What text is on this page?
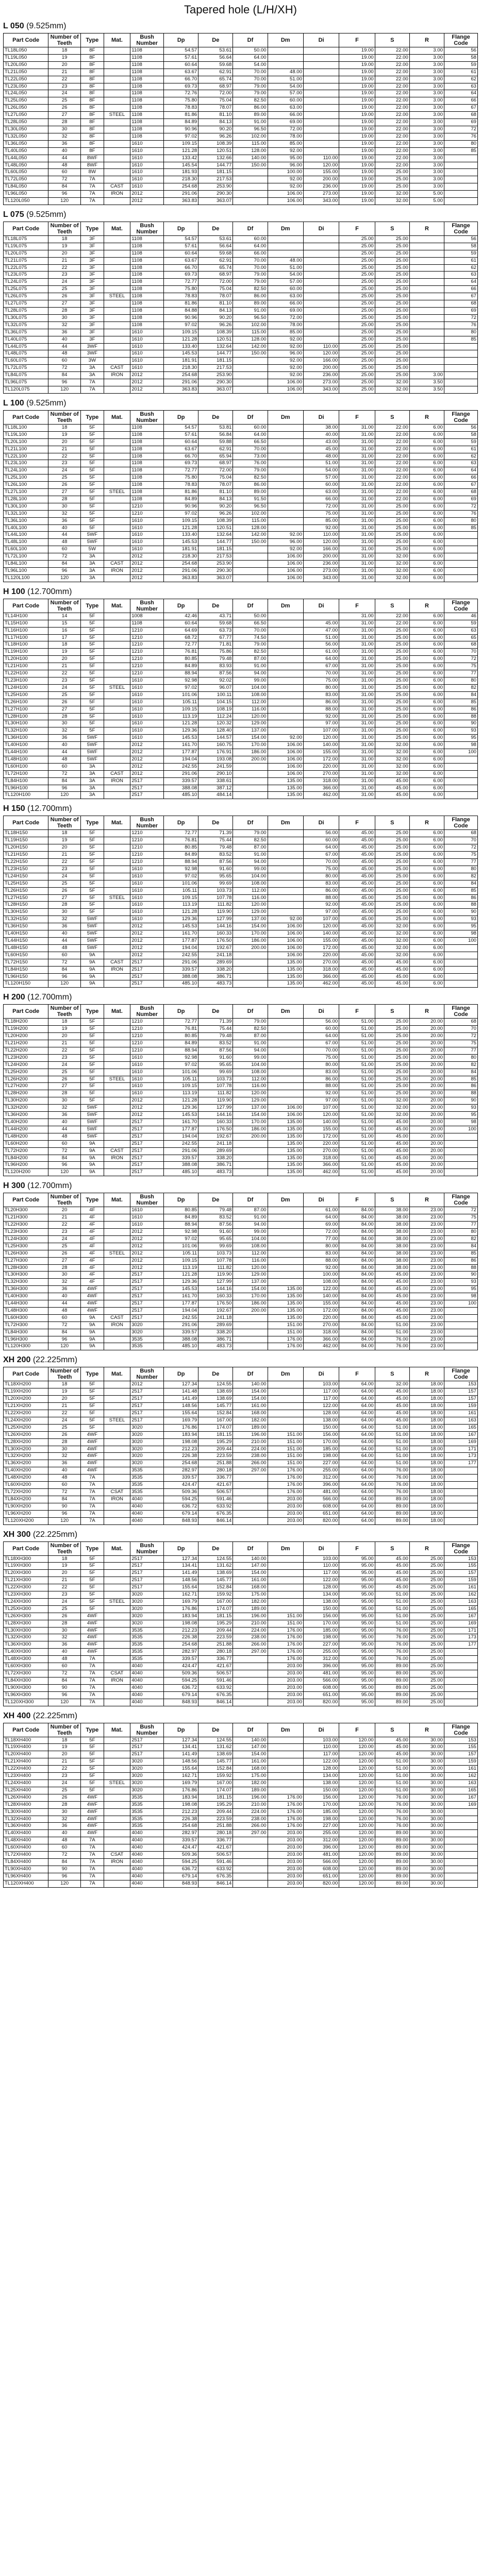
Tapered hole (L/H/XH)
L 050 (9.525mm)
Part Code	Number of Teeth	Type	Mat.	Bush Number	Dp	De	Df	Dm	Di	F	S	R	Flange Code
TL18L050	18	8F		1108	54.57	53.61	50.00			19.00	22.00	3.00	56
TL19L050	19	8F		1108	57.61	56.64	64.00			19.00	22.00	3.00	58
TL20L050	20	8F		1108	60.64	59.68	54.00			19.00	22.00	3.00	59
TL21L050	21	8F		1108	63.67	62.91	70.00	48.00		19.00	22.00	3.00	61
TL22L050	22	8F		1108	66.70	65.74	70.00	51.00		19.00	22.00	3.00	62
TL23L050	23	8F		1108	69.73	68.97	79.00	54.00		19.00	22.00	3.00	63
TL24L050	24	8F		1108	72.76	72.00	79.00	57.00		19.00	22.00	3.00	64
TL25L050	25	8F		1108	75.80	75.04	82.50	60.00		19.00	22.00	3.00	66
TL26L050	26	8F		1108	78.83	78.07	86.00	63.00		19.00	22.00	3.00	67
TL27L050	27	8F	STEEL	1108	81.86	81.10	89.00	66.00		19.00	22.00	3.00	68
TL28L050	28	8F		1108	84.89	84.13	91.00	69.00		19.00	22.00	3.00	69
TL30L050	30	8F		1108	90.96	90.20	96.50	72.00		19.00	22.00	3.00	72
TL32L050	32	8F		1108	97.02	96.26	102.00	78.00		19.00	22.00	3.00	76
TL36L050	36	8F		1610	109.15	108.39	115.00	85.00		19.00	22.00	3.00	80
TL40L050	40	8F		1610	121.28	120.51	128.00	92.00		19.00	22.00	3.00	85
TL44L050	44	8WF		1610	133.42	132.66	140.00	95.00	110.00	19.00	22.00	3.00	
TL48L050	48	8WF		1610	145.54	144.77	150.00	96.00	120.00	19.00	22.00	3.00	
TL60L050	60	8W		1610	181.93	181.15		100.00	155.00	19.00	25.00	3.00	
TL72L050	72	7A		1610	218.30	217.53		92.00	200.00	19.00	25.00	3.00	
TL84L050	84	7A	CAST	1610	254.68	253.90		92.00	236.00	19.00	25.00	3.00	
TL96L050	96	7A	IRON	2012	291.06	290.30		106.00	273.00	19.00	32.00	5.00	
TL120L050	120	7A		2012	363.83	363.07		106.00	343.00	19.00	32.00	5.00	
L 075 (9.525mm)
Part Code	Number of Teeth	Type	Mat.	Bush Number	Dp	De	Df	Dm	Di	F	S	R	Flange Code
TL18L075	18	3F		1108	54.57	53.61	60.00			25.00	25.00		56
TL19L075	19	3F		1108	57.61	56.64	64.00			25.00	25.00		58
TL20L075	20	3F		1108	60.64	59.68	66.00			25.00	25.00		59
TL21L075	21	3F		1108	63.67	62.91	70.00	48.00		25.00	25.00		61
TL22L075	22	3F		1108	66.70	65.74	70.00	51.00		25.00	25.00		62
TL23L075	23	3F		1108	69.73	68.97	79.00	54.00		25.00	25.00		63
TL24L075	24	3F		1108	72.77	72.00	79.00	57.00		25.00	25.00		64
TL25L075	25	3F		1108	75.80	75.04	82.50	60.00		25.00	25.00		66
TL26L075	26	3F	STEEL	1108	78.83	78.07	86.00	63.00		25.00	25.00		67
TL27L075	27	3F		1108	81.86	81.10	89.00	66.00		25.00	25.00		68
TL28L075	28	3F		1108	84.88	84.13	91.00	69.00		25.00	25.00		69
TL30L075	30	3F		1108	90.96	90.20	96.50	72.00		25.00	25.00		72
TL32L075	32	3F		1108	97.02	96.26	102.00	78.00		25.00	25.00		76
TL36L075	36	3F		1610	109.15	108.39	115.00	85.00		25.00	25.00		80
TL40L075	40	3F		1610	121.28	120.51	128.00	92.00		25.00	25.00		85
TL44L075	44	3WF		1610	133.40	132.64	142.00	92.00	110.00	25.00	25.00		
TL48L075	48	3WF		1610	145.53	144.77	150.00	96.00	120.00	25.00	25.00		
TL60L075	60	3W		1610	181.91	181.15		92.00	166.00	25.00	25.00		
TL72L075	72	3A	CAST	1610	218.30	217.53		92.00	200.00	25.00	25.00		
TL84L075	84	3A	IRON	2012	254.68	253.90		92.00	236.00	25.00	25.00	3.00	
TL96L075	96	7A		2012	291.06	290.30		106.00	273.00	25.00	32.00	3.50	
TL120L075	120	7A		2012	363.83	363.07		106.00	343.00	25.00	32.00	3.50	
L 100 (9.525mm)
Part Code	Number of Teeth	Type	Mat.	Bush Number	Dp	De	Df	Dm	Di	F	S	R	Flange Code
TL18L100	18	5F		1108	54.57	53.81	60.00		38.00	31.00	22.00	6.00	56
TL19L100	19	5F		1108	57.61	56.84	64.00		40.00	31.00	22.00	6.00	58
TL20L100	20	5F		1108	60.64	59.88	66.50		43.00	31.00	22.00	6.00	59
TL21L100	21	5F		1108	63.67	62.91	70.00		45.00	31.00	22.00	6.00	61
TL22L100	22	5F		1108	66.70	65.94	73.00		48.00	31.00	22.00	6.00	62
TL23L100	23	5F		1108	69.73	68.97	76.00		51.00	31.00	22.00	6.00	63
TL24L100	24	5F		1108	72.77	72.00	79.00		54.00	31.00	22.00	6.00	64
TL25L100	25	5F		1108	75.80	75.04	82.50		57.00	31.00	22.00	6.00	66
TL26L100	26	5F		1108	78.83	78.07	86.00		60.00	31.00	22.00	6.00	67
TL27L100	27	5F	STEEL	1108	81.86	81.10	89.00		63.00	31.00	22.00	6.00	68
TL28L100	28	5F		1108	84.89	84.13	91.50		66.00	31.00	22.00	6.00	69
TL30L100	30	5F		1210	90.96	90.20	96.50		72.00	31.00	25.00	6.00	72
TL32L100	32	5F		1210	97.02	96.26	102.00		75.00	31.00	25.00	6.00	76
TL36L100	36	5F		1610	109.15	108.39	115.00		85.00	31.00	25.00	6.00	80
TL40L100	40	5F		1610	121.28	120.51	128.00		92.00	31.00	25.00	6.00	85
TL44L100	44	5WF		1610	133.40	132.64	142.00	92.00	110.00	31.00	25.00	6.00	
TL48L100	48	5WF		1610	145.53	144.77	150.00	96.00	120.00	31.00	25.00	6.00	
TL60L100	60	5W		1610	181.91	181.15		92.00	166.00	31.00	25.00	6.00	
TL72L100	72	3A		2012	218.30	217.53		106.00	200.00	31.00	32.00	6.00	
TL84L100	84	3A	CAST	2012	254.68	253.90		106.00	236.00	31.00	32.00	6.00	
TL96L100	96	3A	IRON	2012	291.06	290.30		106.00	273.00	31.00	32.00	6.00	
TL120L100	120	3A		2012	363.83	363.07		106.00	343.00	31.00	32.00	6.00	
H 100 (12.700mm)
Part Code	Number of Teeth	Type	Mat.	Bush Number	Dp	De	Df	Dm	Di	F	S	R	Flange Code
TL14H100	14	5F		1008	42.46	43.71	50.00			31.00	22.00	6.00	46
TL15H100	15	5F		1108	60.64	59.68	66.50		45.00	31.00	22.00	6.00	59
TL16H100	16	5F		1210	64.69	63.73	70.00		47.00	31.00	25.00	6.00	63
TL17H100	17	5F		1210	68.72	67.77	74.50		51.00	31.00	25.00	6.00	65
TL18H100	18	5F		1210	72.77	71.81	79.00		56.00	31.00	25.00	6.00	68
TL19H100	19	5F		1210	76.81	75.86	82.50		61.00	31.00	25.00	6.00	70
TL20H100	20	5F		1210	80.85	79.48	87.00		64.00	31.00	25.00	6.00	72
TL21H100	21	5F		1210	84.89	83.93	91.00		67.00	31.00	25.00	6.00	75
TL22H100	22	5F		1210	88.94	87.56	94.00		70.00	31.00	25.00	6.00	77
TL23H100	23	5F		1610	92.98	92.02	99.00		75.00	31.00	25.00	6.00	80
TL24H100	24	5F	STEEL	1610	97.02	96.07	104.00		80.00	31.00	25.00	6.00	82
TL25H100	25	5F		1610	101.06	100.11	108.00		83.00	31.00	25.00	6.00	84
TL26H100	26	5F		1610	105.11	104.15	112.00		86.00	31.00	25.00	6.00	85
TL27H100	27	5F		1610	109.15	108.19	116.00		88.00	31.00	25.00	6.00	86
TL28H100	28	5F		1610	113.19	112.24	120.00		92.00	31.00	25.00	6.00	88
TL30H100	30	5F		1610	121.28	120.32	129.00		97.00	31.00	25.00	6.00	90
TL32H100	32	5F		1610	129.36	128.40	137.00		107.00	31.00	25.00	6.00	93
TL36H100	36	5WF		1610	145.53	144.57	154.00	92.00	120.00	31.00	25.00	6.00	95
TL40H100	40	5WF		2012	161.70	160.75	170.00	106.00	140.00	31.00	32.00	6.00	98
TL44H100	44	5WF		2012	177.87	176.91	186.00	106.00	155.00	31.00	32.00	6.00	100
TL48H100	48	5WF		2012	194.04	193.08	200.00	106.00	172.00	31.00	32.00	6.00	
TL60H100	60	3A		2012	242.55	241.59		106.00	220.00	31.00	32.00	6.00	
TL72H100	72	3A	CAST	2012	291.06	290.10		106.00	270.00	31.00	32.00	6.00	
TL84H100	84	3A	IRON	2517	339.57	338.61		135.00	318.00	31.00	45.00	6.00	
TL96H100	96	3A		2517	388.08	387.12		135.00	366.00	31.00	45.00	6.00	
TL120H100	120	3A		2517	485.10	484.14		135.00	462.00	31.00	45.00	6.00	
H 150 (12.700mm)
Part Code	Number of Teeth	Type	Mat.	Bush Number	Dp	De	Df	Dm	Di	F	S	R	Flange Code
TL18H150	18	5F		1210	72.77	71.39	79.00		56.00	45.00	25.00	6.00	68
TL19H150	19	5F		1210	76.81	75.44	82.50		60.00	45.00	25.00	6.00	70
TL20H150	20	5F		1210	80.85	79.48	87.00		64.00	45.00	25.00	6.00	72
TL21H150	21	5F		1210	84.89	83.52	91.00		67.00	45.00	25.00	6.00	75
TL22H150	22	5F		1210	88.94	87.56	94.00		70.00	45.00	25.00	6.00	77
TL23H150	23	5F		1610	92.98	91.60	99.00		75.00	45.00	25.00	6.00	80
TL24H150	24	5F		1610	97.02	95.65	104.00		80.00	45.00	25.00	6.00	82
TL25H150	25	5F		1610	101.06	99.69	108.00		83.00	45.00	25.00	6.00	84
TL26H150	26	5F		1610	105.11	103.73	112.00		86.00	45.00	25.00	6.00	85
TL27H150	27	5F	STEEL	1610	109.15	107.78	116.00		88.00	45.00	25.00	6.00	86
TL28H150	28	5F		1610	113.19	111.82	120.00		92.00	45.00	25.00	6.00	88
TL30H150	30	5F		1610	121.28	119.90	129.00		97.00	45.00	25.00	6.00	90
TL32H150	32	5WF		1610	129.36	127.99	137.00	92.00	107.00	45.00	25.00	6.00	93
TL36H150	36	5WF		2012	145.53	144.16	154.00	106.00	120.00	45.00	32.00	6.00	95
TL40H150	40	5WF		2012	161.70	160.33	170.00	106.00	140.00	45.00	32.00	6.00	98
TL44H150	44	5WF		2012	177.87	176.50	186.00	106.00	155.00	45.00	32.00	6.00	100
TL48H150	48	5WF		2012	194.04	192.67	200.00	106.00	172.00	45.00	32.00	6.00	
TL60H150	60	9A		2012	242.55	241.18		106.00	220.00	45.00	32.00	6.00	
TL72H150	72	9A	CAST	2517	291.06	289.69		135.00	270.00	45.00	45.00	6.00	
TL84H150	84	9A	IRON	2517	339.57	338.20		135.00	318.00	45.00	45.00	6.00	
TL96H150	96	9A		2517	388.08	386.71		135.00	366.00	45.00	45.00	6.00	
TL120H150	120	9A		2517	485.10	483.73		135.00	462.00	45.00	45.00	6.00	
H 200 (12.700mm)
Part Code	Number of Teeth	Type	Mat.	Bush Number	Dp	De	Df	Dm	Di	F	S	R	Flange Code
TL18H200	18	5F		1210	72.77	71.39	79.00		56.00	51.00	25.00	20.00	68
TL19H200	19	5F		1210	76.81	75.44	82.50		60.00	51.00	25.00	20.00	70
TL20H200	20	5F		1210	80.85	79.48	87.00		64.00	51.00	25.00	20.00	72
TL21H200	21	5F		1210	84.89	83.52	91.00		67.00	51.00	25.00	20.00	75
TL22H200	22	5F		1210	88.94	87.56	94.00		70.00	51.00	25.00	20.00	77
TL23H200	23	5F		1610	92.98	91.60	99.00		75.00	51.00	25.00	20.00	80
TL24H200	24	5F		1610	97.02	95.65	104.00		80.00	51.00	25.00	20.00	82
TL25H200	25	5F		1610	101.06	99.69	108.00		83.00	51.00	25.00	20.00	84
TL26H200	26	5F	STEEL	1610	105.11	103.73	112.00		86.00	51.00	25.00	20.00	85
TL27H200	27	5F		1610	109.15	107.78	116.00		88.00	51.00	25.00	20.00	86
TL28H200	28	5F		1610	113.19	111.82	120.00		92.00	51.00	25.00	20.00	88
TL30H200	30	5F		2012	121.28	119.90	129.00		97.00	51.00	32.00	20.00	90
TL32H200	32	5WF		2012	129.36	127.99	137.00	106.00	107.00	51.00	32.00	20.00	93
TL36H200	36	5WF		2012	145.53	144.16	154.00	106.00	120.00	51.00	32.00	20.00	95
TL40H200	40	5WF		2517	161.70	160.33	170.00	135.00	140.00	51.00	45.00	20.00	98
TL44H200	44	5WF		2517	177.87	176.50	186.00	135.00	155.00	51.00	45.00	20.00	100
TL48H200	48	5WF		2517	194.04	192.67	200.00	135.00	172.00	51.00	45.00	20.00	
TL60H200	60	9A		2517	242.55	241.18		135.00	220.00	51.00	45.00	20.00	
TL72H200	72	9A	CAST	2517	291.06	289.69		135.00	270.00	51.00	45.00	20.00	
TL84H200	84	9A	IRON	2517	339.57	338.20		135.00	318.00	51.00	45.00	20.00	
TL96H200	96	9A		2517	388.08	386.71		135.00	366.00	51.00	45.00	20.00	
TL120H200	120	9A		2517	485.10	483.73		135.00	462.00	51.00	45.00	20.00	
H 300 (12.700mm)
Part Code	Number of Teeth	Type	Mat.	Bush Number	Dp	De	Df	Dm	Di	F	S	R	Flange Code
TL20H300	20	4F		1610	80.85	79.48	87.00		61.00	84.00	38.00	23.00	72
TL21H300	21	4F		1610	84.89	83.52	91.00		64.00	84.00	38.00	23.00	75
TL22H300	22	4F		1610	88.94	87.56	94.00		69.00	84.00	38.00	23.00	77
TL23H300	23	4F		2012	92.98	91.60	99.00		72.00	84.00	38.00	23.00	80
TL24H300	24	4F		2012	97.02	95.65	104.00		77.00	84.00	38.00	23.00	82
TL25H300	25	4F		2012	101.06	99.69	108.00		80.00	84.00	38.00	23.00	84
TL26H300	26	4F	STEEL	2012	105.11	103.73	112.00		83.00	84.00	38.00	23.00	85
TL27H300	27	4F		2012	109.15	107.78	116.00		88.00	84.00	38.00	23.00	86
TL28H300	28	4F		2012	113.19	111.82	120.00		92.00	84.00	38.00	23.00	88
TL30H300	30	4F		2517	121.28	119.90	129.00		100.00	84.00	45.00	23.00	90
TL32H300	32	4F		2517	129.36	127.99	137.00		108.00	84.00	45.00	23.00	93
TL36H300	36	4WF		2517	145.53	144.16	154.00	135.00	122.00	84.00	45.00	23.00	95
TL40H300	40	4WF		2517	161.70	160.33	170.00	135.00	140.00	84.00	45.00	23.00	98
TL44H300	44	4WF		2517	177.87	176.50	186.00	135.00	155.00	84.00	45.00	23.00	100
TL48H300	48	4WF		2517	194.04	192.67	200.00	135.00	172.00	84.00	45.00	23.00	
TL60H300	60	9A	CAST	2517	242.55	241.18		135.00	220.00	84.00	45.00	23.00	
TL72H300	72	9A	IRON	3020	291.06	289.69		151.00	270.00	84.00	51.00	23.00	
TL84H300	84	9A		3020	339.57	338.20		151.00	318.00	84.00	51.00	23.00	
TL96H300	96	9A		3535	388.08	386.71		176.00	366.00	84.00	76.00	23.00	
TL120H300	120	9A		3535	485.10	483.73		176.00	462.00	84.00	76.00	23.00	
XH 200 (22.225mm)
Part Code	Number of Teeth	Type	Mat.	Bush Number	Dp	De	Df	Dm	Di	F	S	R	Flange Code
TL18XH200	18	5F		2012	127.34	124.55	140.00		103.00	64.00	32.00	18.00	153
TL19XH200	19	5F		2517	141.48	138.69	154.00		117.00	64.00	45.00	18.00	157
TL20XH200	20	5F		2517	141.49	138.69	154.00		117.00	64.00	45.00	18.00	157
TL21XH200	21	5F		2517	148.56	145.77	161.00		122.00	64.00	45.00	18.00	159
TL22XH200	22	5F		2517	155.64	152.84	168.00		128.00	64.00	45.00	18.00	161
TL24XH200	24	5F	STEEL	2517	169.79	167.00	182.00		138.00	64.00	45.00	18.00	163
TL25XH200	25	5F		3020	176.86	174.07	189.00		150.00	64.00	51.00	18.00	165
TL26XH200	26	4WF		3020	183.94	181.15	196.00	151.00	156.00	64.00	51.00	18.00	167
TL28XH200	28	4WF		3020	198.08	195.29	210.00	151.00	170.00	64.00	51.00	18.00	169
TL30XH200	30	4WF		3020	212.23	209.44	224.00	151.00	185.00	64.00	51.00	18.00	171
TL32XH200	32	4WF		3020	226.38	223.59	238.00	151.00	198.00	64.00	51.00	18.00	173
TL36XH200	36	4WF		3020	254.68	251.88	266.00	151.00	227.00	64.00	51.00	18.00	177
TL40XH200	40	4WF		3535	282.97	280.18	297.00	176.00	255.00	64.00	76.00	18.00	
TL48XH200	48	7A		3535	339.57	336.77		176.00	312.00	64.00	76.00	18.00	
TL60XH200	60	7A		3535	424.47	421.67		176.00	396.00	64.00	76.00	18.00	
TL72XH200	72	7A	CSAT	3535	509.36	506.57		176.00	481.00	64.00	76.00	18.00	
TL84XH200	84	7A	IRON	4040	594.25	591.46		203.00	566.00	64.00	89.00	18.00	
TL90XH200	90	7A		4040	636.72	633.92		203.00	608.00	64.00	89.00	18.00	
TL96XH200	96	7A		4040	679.14	676.35		203.00	651.00	64.00	89.00	18.00	
TL120XH200	120	7A		4040	848.93	846.14		203.00	820.00	64.00	89.00	18.00	
XH 300 (22.225mm)
Part Code	Number of Teeth	Type	Mat.	Bush Number	Dp	De	Df	Dm	Di	F	S	R	Flange Code
TL18XH300	18	5F		2517	127.34	124.55	140.00		103.00	95.00	45.00	25.00	153
TL19XH300	19	5F		2517	134.41	131.62	147.00		110.00	95.00	45.00	25.00	155
TL20XH300	20	5F		2517	141.49	138.69	154.00		117.00	95.00	45.00	25.00	157
TL21XH300	21	5F		2517	148.56	145.77	161.00		122.00	95.00	45.00	25.00	159
TL22XH300	22	5F		2517	155.64	152.84	168.00		128.00	95.00	45.00	25.00	161
TL23XH300	23	5F		3020	162.71	159.92	175.00		134.00	95.00	51.00	25.00	162
TL24XH300	24	5F	STEEL	3020	169.79	167.00	182.00		138.00	95.00	51.00	25.00	163
TL25XH300	25	5F		3020	176.86	174.07	189.00		150.00	95.00	51.00	25.00	165
TL26XH300	26	4WF		3020	183.94	181.15	196.00	151.00	156.00	95.00	51.00	25.00	167
TL28XH300	28	4WF		3020	198.08	195.29	210.00	151.00	170.00	95.00	51.00	25.00	169
TL30XH300	30	4WF		3535	212.23	209.44	224.00	176.00	185.00	95.00	76.00	25.00	171
TL32XH300	32	4WF		3535	226.38	223.59	238.00	176.00	198.00	95.00	76.00	25.00	173
TL36XH300	36	4WF		3535	254.68	251.88	266.00	176.00	227.00	95.00	76.00	25.00	177
TL40XH300	40	4WF		3535	282.97	280.18	297.00	176.00	255.00	95.00	76.00	25.00	
TL48XH300	48	7A		3535	339.57	336.77		176.00	312.00	95.00	76.00	25.00	
TL60XH300	60	7A		4040	424.47	421.67		203.00	396.00	95.00	89.00	25.00	
TL72XH300	72	7A	CSAT	4040	509.36	506.57		203.00	481.00	95.00	89.00	25.00	
TL84XH300	84	7A	IRON	4040	594.25	591.46		203.00	566.00	95.00	89.00	25.00	
TL90XH300	90	7A		4040	636.72	633.92		203.00	608.00	95.00	89.00	25.00	
TL96XH300	96	7A		4040	679.14	676.35		203.00	651.00	95.00	89.00	25.00	
TL120XH300	120	7A		4040	848.93	846.14		203.00	820.00	95.00	89.00	25.00	
XH 400 (22.225mm)
Part Code	Number of Teeth	Type	Mat.	Bush Number	Dp	De	Df	Dm	Di	F	S	R	Flange Code
TL18XH400	18	5F		2517	127.34	124.55	140.00		103.00	120.00	45.00	30.00	153
TL19XH400	19	5F		2517	134.41	131.62	147.00		110.00	120.00	45.00	30.00	155
TL20XH400	20	5F		2517	141.49	138.69	154.00		117.00	120.00	45.00	30.00	157
TL21XH400	21	5F		3020	148.56	145.77	161.00		122.00	120.00	51.00	30.00	159
TL22XH400	22	5F		3020	155.64	152.84	168.00		128.00	120.00	51.00	30.00	161
TL23XH400	23	5F		3020	162.71	159.92	175.00		134.00	120.00	51.00	30.00	162
TL24XH400	24	5F	STEEL	3020	169.79	167.00	182.00		138.00	120.00	51.00	30.00	163
TL25XH400	25	5F		3020	176.86	174.07	189.00		150.00	120.00	51.00	30.00	165
TL26XH400	26	4WF		3535	183.94	181.15	196.00	176.00	156.00	120.00	76.00	30.00	167
TL28XH400	28	4WF		3535	198.08	195.29	210.00	176.00	170.00	120.00	76.00	30.00	169
TL30XH400	30	4WF		3535	212.23	209.44	224.00	176.00	185.00	120.00	76.00	30.00	
TL32XH400	32	4WF		3535	226.38	223.59	238.00	176.00	198.00	120.00	76.00	30.00	
TL36XH400	36	4WF		3535	254.68	251.88	266.00	176.00	227.00	120.00	76.00	30.00	
TL40XH400	40	4WF		4040	282.97	280.18	297.00	203.00	255.00	120.00	89.00	30.00	
TL48XH400	48	7A		4040	339.57	336.77		203.00	312.00	120.00	89.00	30.00	
TL60XH400	60	7A		4040	424.47	421.67		203.00	396.00	120.00	89.00	30.00	
TL72XH400	72	7A	CSAT	4040	509.36	506.57		203.00	481.00	120.00	89.00	30.00	
TL84XH400	84	7A	IRON	4040	594.25	591.46		203.00	566.00	120.00	89.00	30.00	
TL90XH400	90	7A		4040	636.72	633.92		203.00	608.00	120.00	89.00	30.00	
TL96XH400	96	7A		4040	679.14	676.35		203.00	651.00	120.00	89.00	30.00	
TL120XH400	120	7A		4040	848.93	846.14		203.00	820.00	120.00	89.00	30.00	
